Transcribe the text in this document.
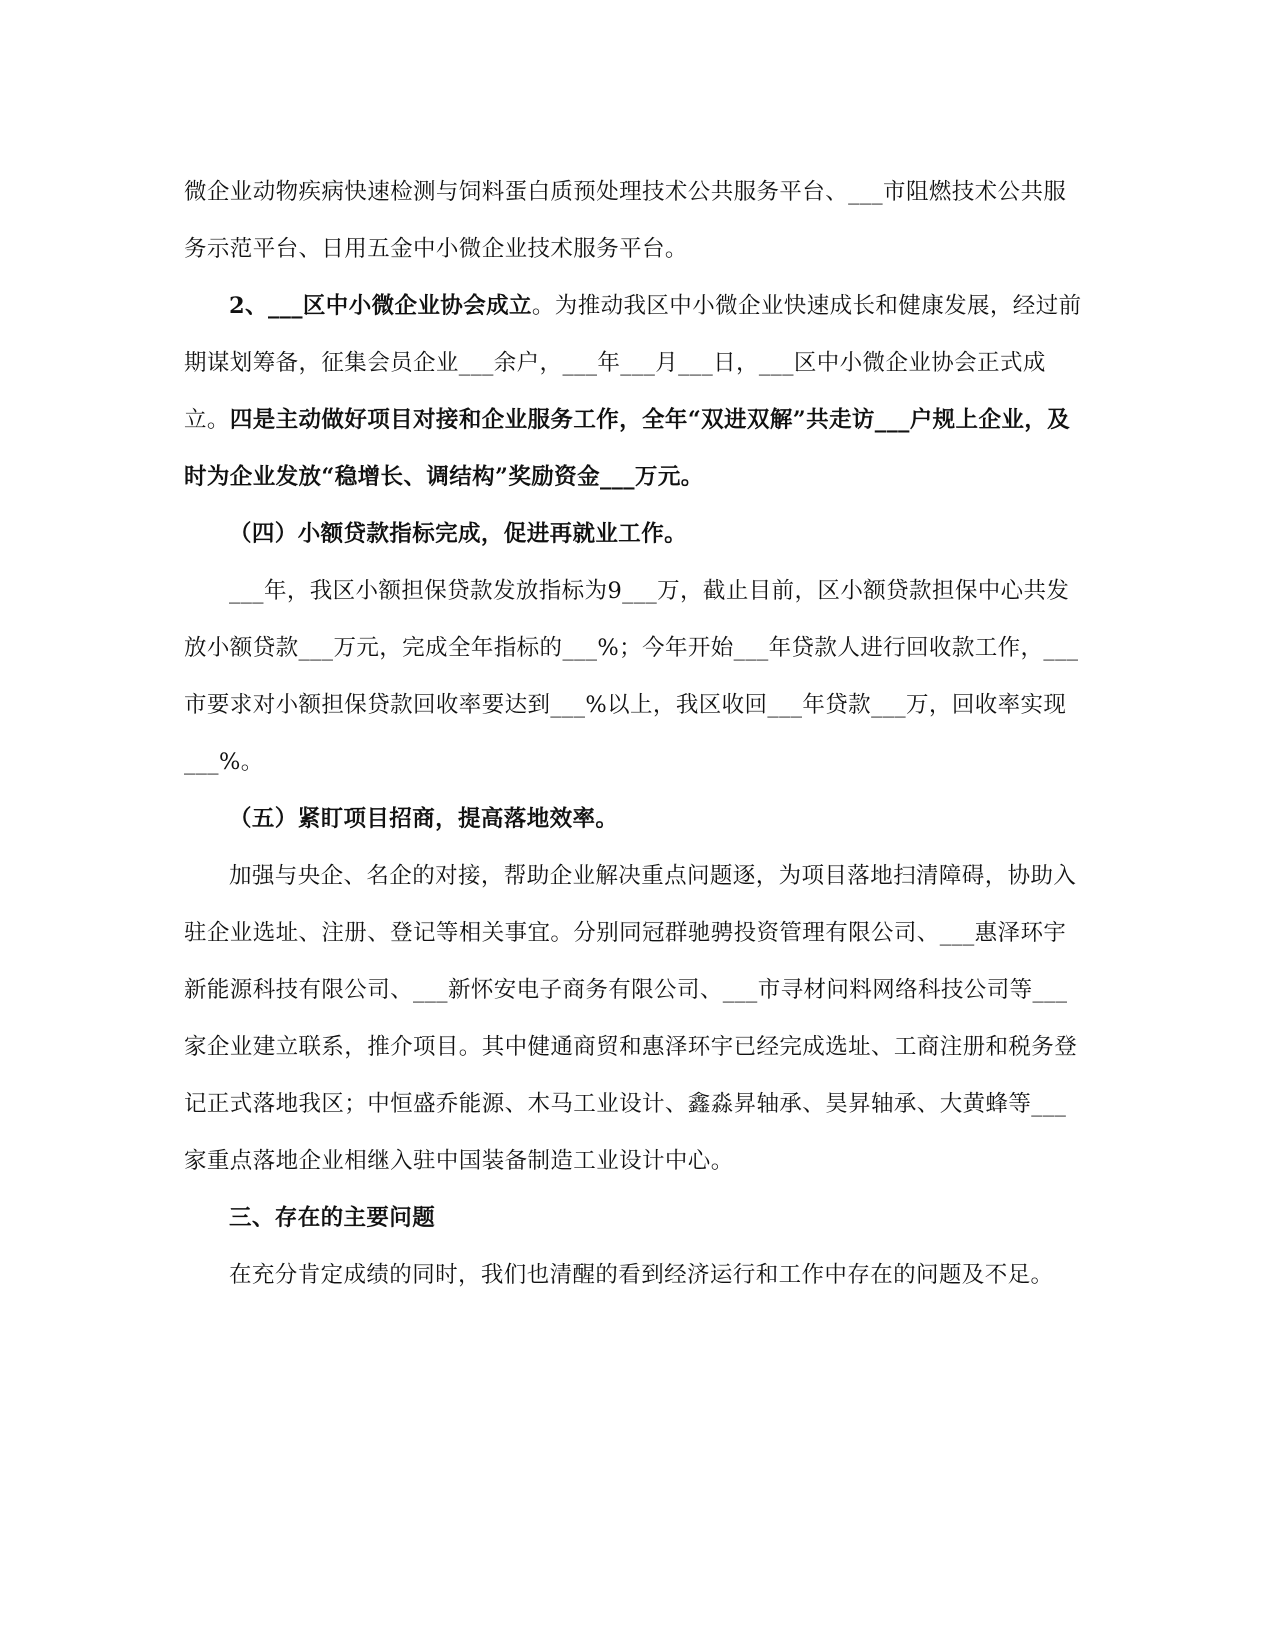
微企业动物疾病快速检测与饲料蛋白质预处理技术公共服务平台、___市阻燃技术公共服务示范平台、日用五金中小微企业技术服务平台。

2、___区中小微企业协会成立。为推动我区中小微企业快速成长和健康发展，经过前期谋划筹备，征集会员企业___余户，___年___月___日，___区中小微企业协会正式成立。四是主动做好项目对接和企业服务工作，全年“双进双解”共走访___户规上企业，及时为企业发放“稳增长、调结构”奖励资金___万元。

（四）小额贷款指标完成，促进再就业工作。

___年，我区小额担保贷款发放指标为9___万，截止目前，区小额贷款担保中心共发放小额贷款___万元，完成全年指标的___%；今年开始___年贷款人进行回收款工作，___市要求对小额担保贷款回收率要达到___%以上，我区收回___年贷款___万，回收率实现___%。

（五）紧盯项目招商，提高落地效率。

加强与央企、名企的对接，帮助企业解决重点问题逐，为项目落地扫清障碍，协助入驻企业选址、注册、登记等相关事宜。分别同冠群驰骋投资管理有限公司、___惠泽环宇新能源科技有限公司、___新怀安电子商务有限公司、___市寻材问料网络科技公司等___家企业建立联系，推介项目。其中健通商贸和惠泽环宇已经完成选址、工商注册和税务登记正式落地我区；中恒盛乔能源、木马工业设计、鑫淼昇轴承、昊昇轴承、大黄蜂等___家重点落地企业相继入驻中国装备制造工业设计中心。

三、存在的主要问题

在充分肯定成绩的同时，我们也清醒的看到经济运行和工作中存在的问题及不足。
